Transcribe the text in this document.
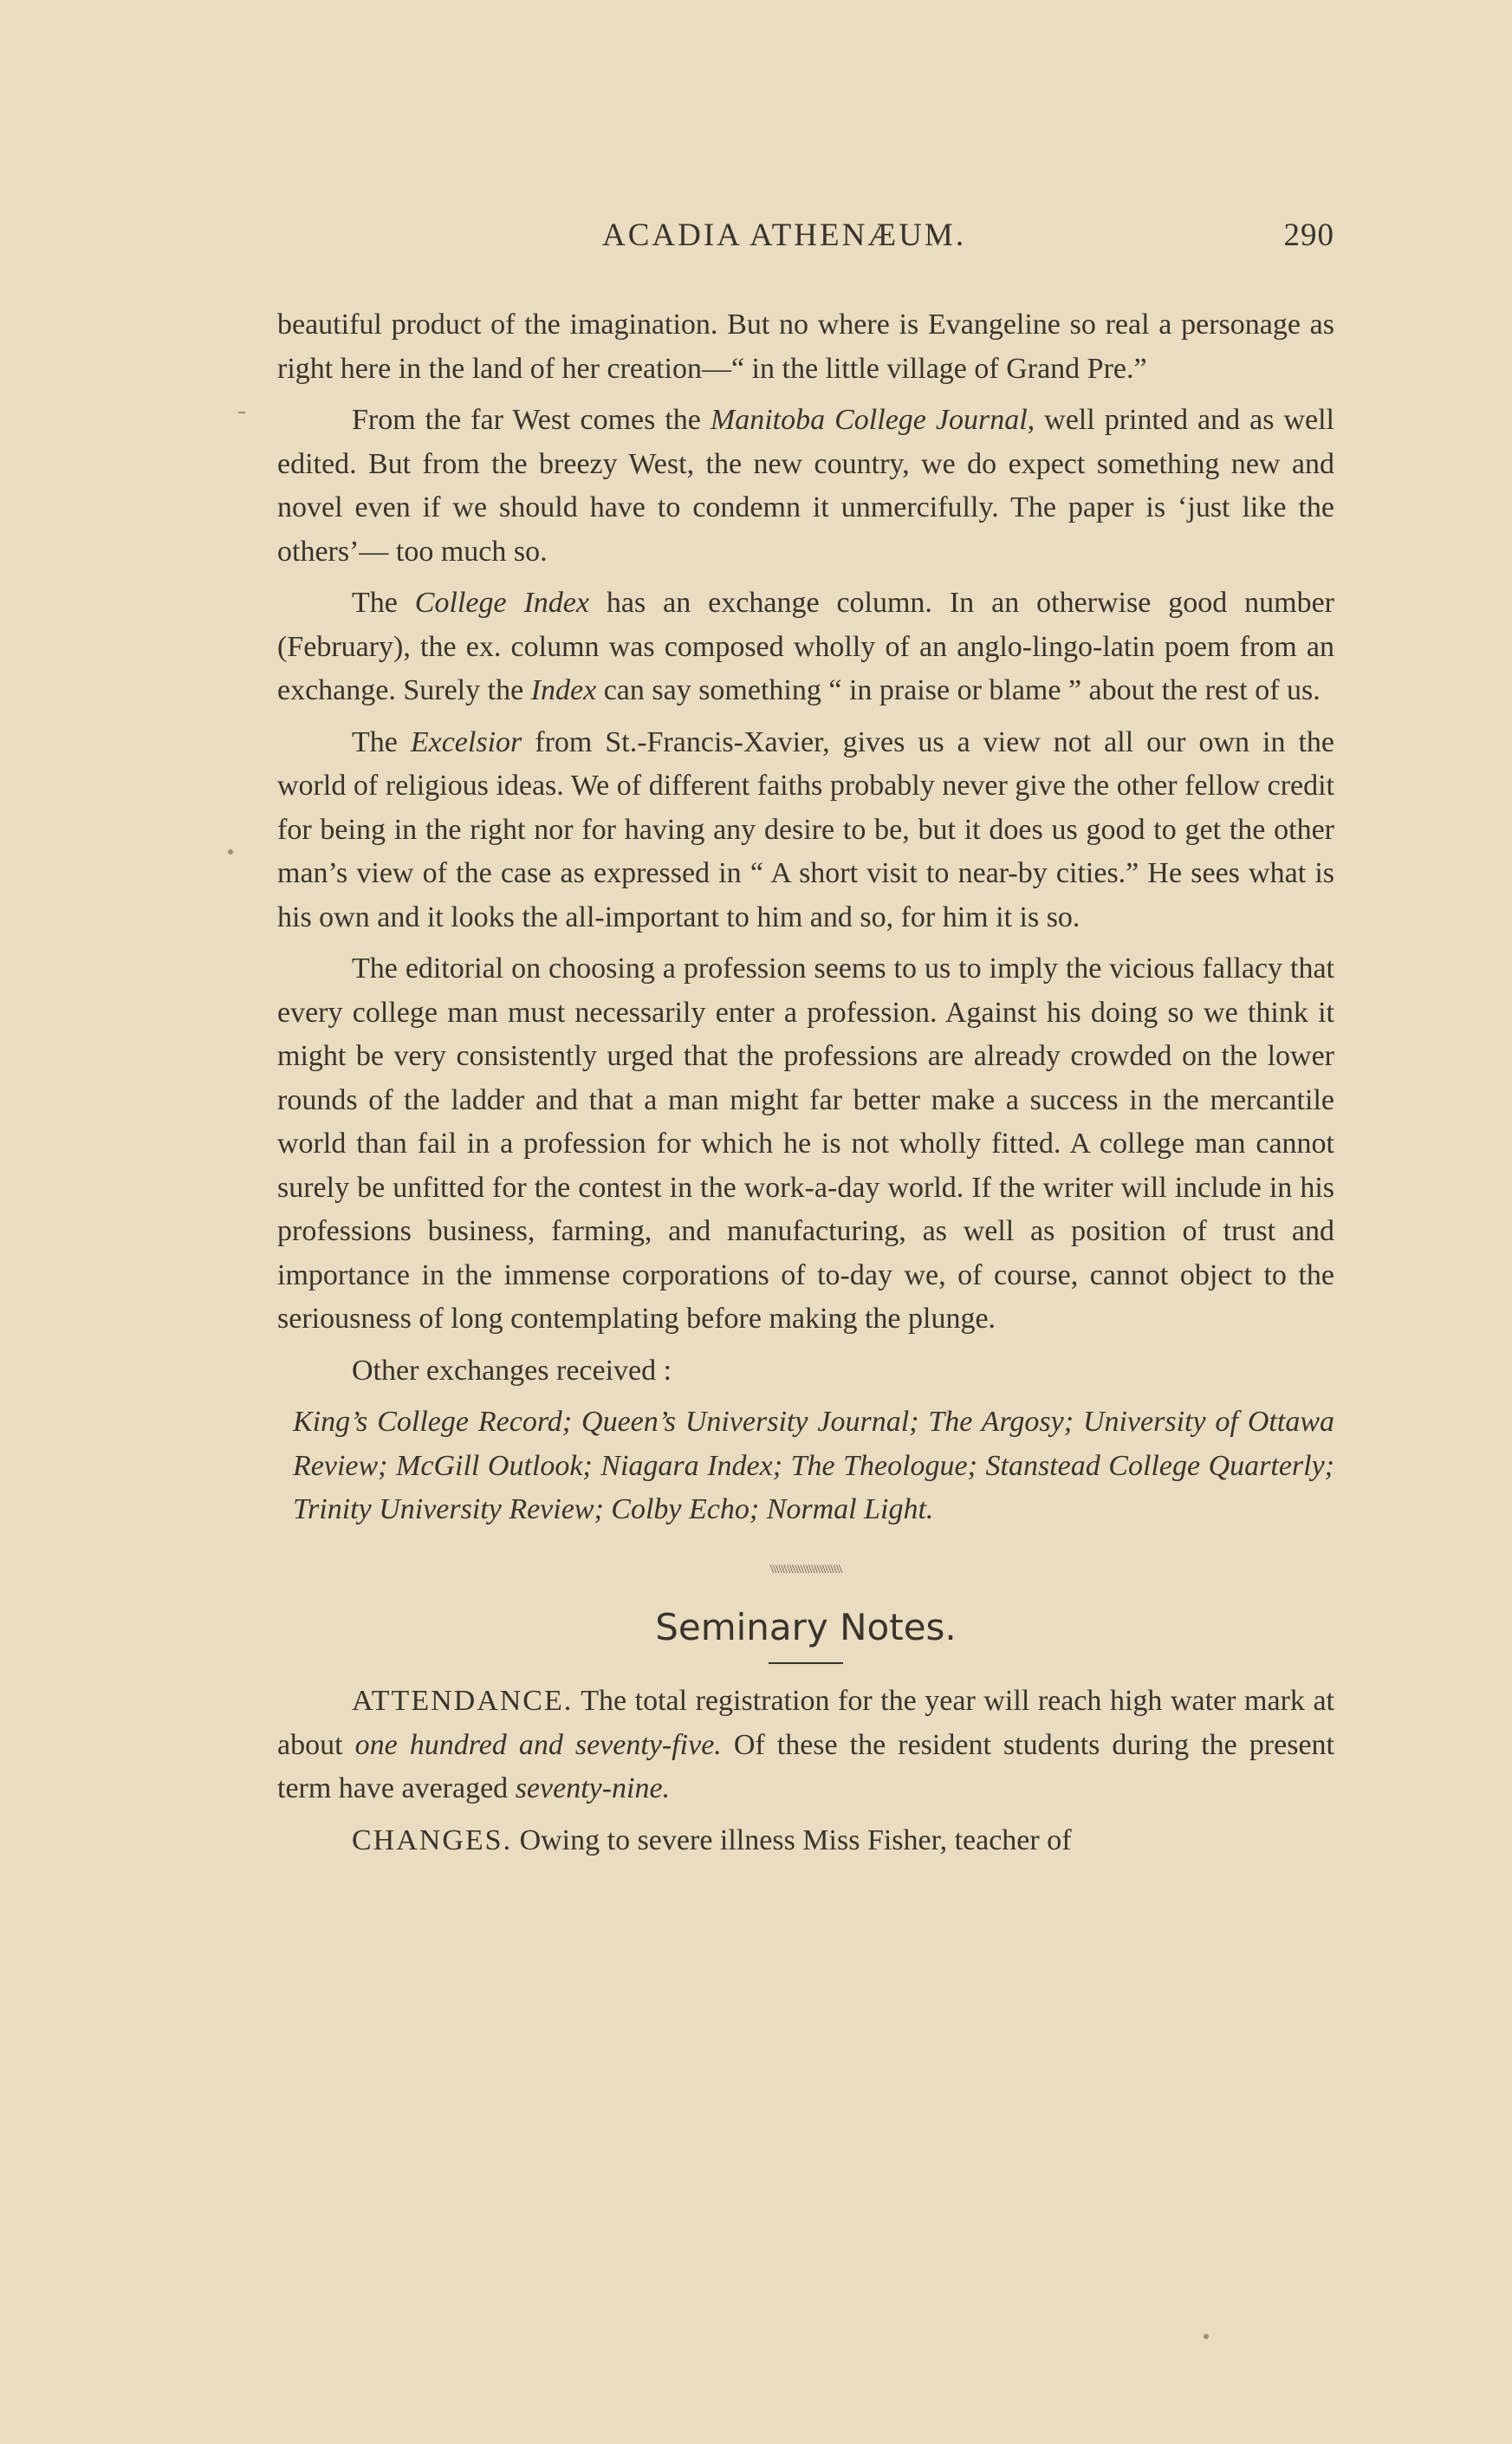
ACADIA ATHENÆUM.	290

beautiful product of the imagination. But no where is Evangeline so real a personage as right here in the land of her creation—“ in the little village of Grand Pre.”

From the far West comes the Manitoba College Journal, well printed and as well edited. But from the breezy West, the new country, we do expect something new and novel even if we should have to condemn it unmercifully. The paper is ‘just like the others’— too much so.

The College Index has an exchange column. In an otherwise good number (February), the ex. column was composed wholly of an anglo-lingo-latin poem from an exchange. Surely the Index can say something “ in praise or blame ” about the rest of us.

The Excelsior from St.-Francis-Xavier, gives us a view not all our own in the world of religious ideas. We of different faiths probably never give the other fellow credit for being in the right nor for having any desire to be, but it does us good to get the other man’s view of the case as expressed in “ A short visit to near-by cities.” He sees what is his own and it looks the all-important to him and so, for him it is so.

The editorial on choosing a profession seems to us to imply the vicious fallacy that every college man must necessarily enter a profession. Against his doing so we think it might be very consistently urged that the professions are already crowded on the lower rounds of the ladder and that a man might far better make a success in the mercantile world than fail in a profession for which he is not wholly fitted. A college man cannot surely be unfitted for the contest in the work-a-day world. If the writer will include in his professions business, farming, and manufacturing, as well as position of trust and importance in the immense corporations of to-day we, of course, cannot object to the seriousness of long contemplating before making the plunge.

Other exchanges received :

King’s College Record; Queen’s University Journal; The Argosy; University of Ottawa Review; McGill Outlook; Niagara Index; The Theologue; Stanstead College Quarterly; Trinity University Review; Colby Echo; Normal Light.

\\\\\\\\\\\\\\\\\\\\\\\\\\
Seminary Notes.

ATTENDANCE. The total registration for the year will reach high water mark at about one hundred and seventy-five. Of these the resident students during the present term have averaged seventy-nine.

CHANGES. Owing to severe illness Miss Fisher, teacher of
